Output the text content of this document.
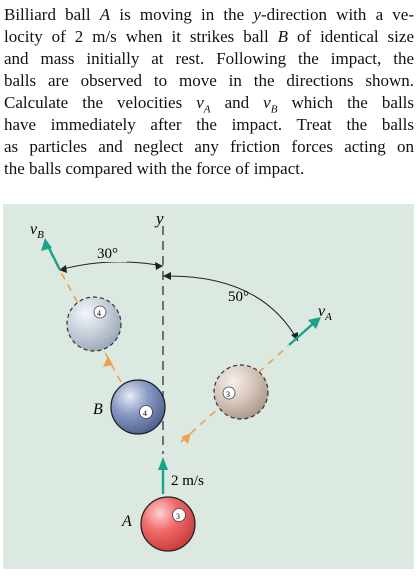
Billiard ball A is moving in the y-direction with a ve-
locity of 2 m/s when it strikes ball B of identical size
and mass initially at rest. Following the impact, the
balls are observed to move in the directions shown.
Calculate the velocities $v_A$ and $v_B$ which the balls
have immediately after the impact. Treat the balls
as particles and neglect any friction forces acting on
the balls compared with the force of impact.
y
30°
50°
$v_B$
$v_A$
4
3
4
B
2 m/s
3
A
